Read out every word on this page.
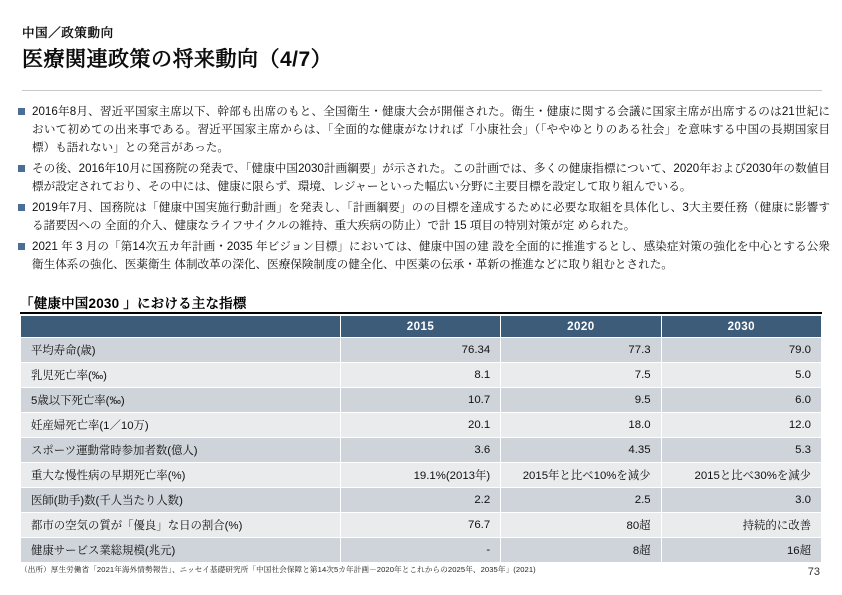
中国／政策動向
医療関連政策の将来動向（4/7）
2016年8月、習近平国家主席以下、幹部も出席のもと、全国衛生・健康大会が開催された。衛生・健康に関する会議に国家主席が出席するのは21世紀において初めての出来事である。習近平国家主席からは、「全面的な健康がなければ「小康社会」（「ややゆとりのある社会」を意味する中国の長期国家目標）も語れない」との発言があった。
その後、2016年10月に国務院の発表で、「健康中国2030計画綱要」が示された。この計画では、多くの健康指標について、2020年および2030年の数値目標が設定されており、その中には、健康に限らず、環境、レジャーといった幅広い分野に主要目標を設定して取り組んでいる。
2019年7月、国務院は「健康中国実施行動計画」を発表し、「計画綱要」のの目標を達成するために必要な取組を具体化し、3大主要任務（健康に影響する諸要因への 全面的介入、健康なライフサイクルの維持、重大疾病の防止）で計 15 項目の特別対策が定 められた。
2021 年 3 月の「第14次五カ年計画・2035 年ビジョン目標」においては、健康中国の建 設を全面的に推進するとし、感染症対策の強化を中心とする公衆衛生体系の強化、医薬衛生 体制改革の深化、医療保険制度の健全化、中医薬の伝承・革新の推進などに取り組むとされた。
「健康中国2030 」における主な指標
	2015	2020	2030
平均寿命(歳)	76.34	77.3	79.0
乳児死亡率(‰)	8.1	7.5	5.0
5歳以下死亡率(‰)	10.7	9.5	6.0
妊産婦死亡率(1／10万)	20.1	18.0	12.0
スポーツ運動常時参加者数(億人)	3.6	4.35	5.3
重大な慢性病の早期死亡率(%)	19.1%(2013年)	2015年と比べ10%を減少	2015と比べ30%を減少
医師(助手)数(千人当たり人数)	2.2	2.5	3.0
都市の空気の質が「優良」な日の割合(%)	76.7	80超	持続的に改善
健康サービス業総規模(兆元)	-	8超	16超
（出所）厚生労働省「2021年海外情勢報告」、ニッセイ基礎研究所「中国社会保障と第14次5カ年計画－2020年とこれからの2025年、2035年」(2021)	73
